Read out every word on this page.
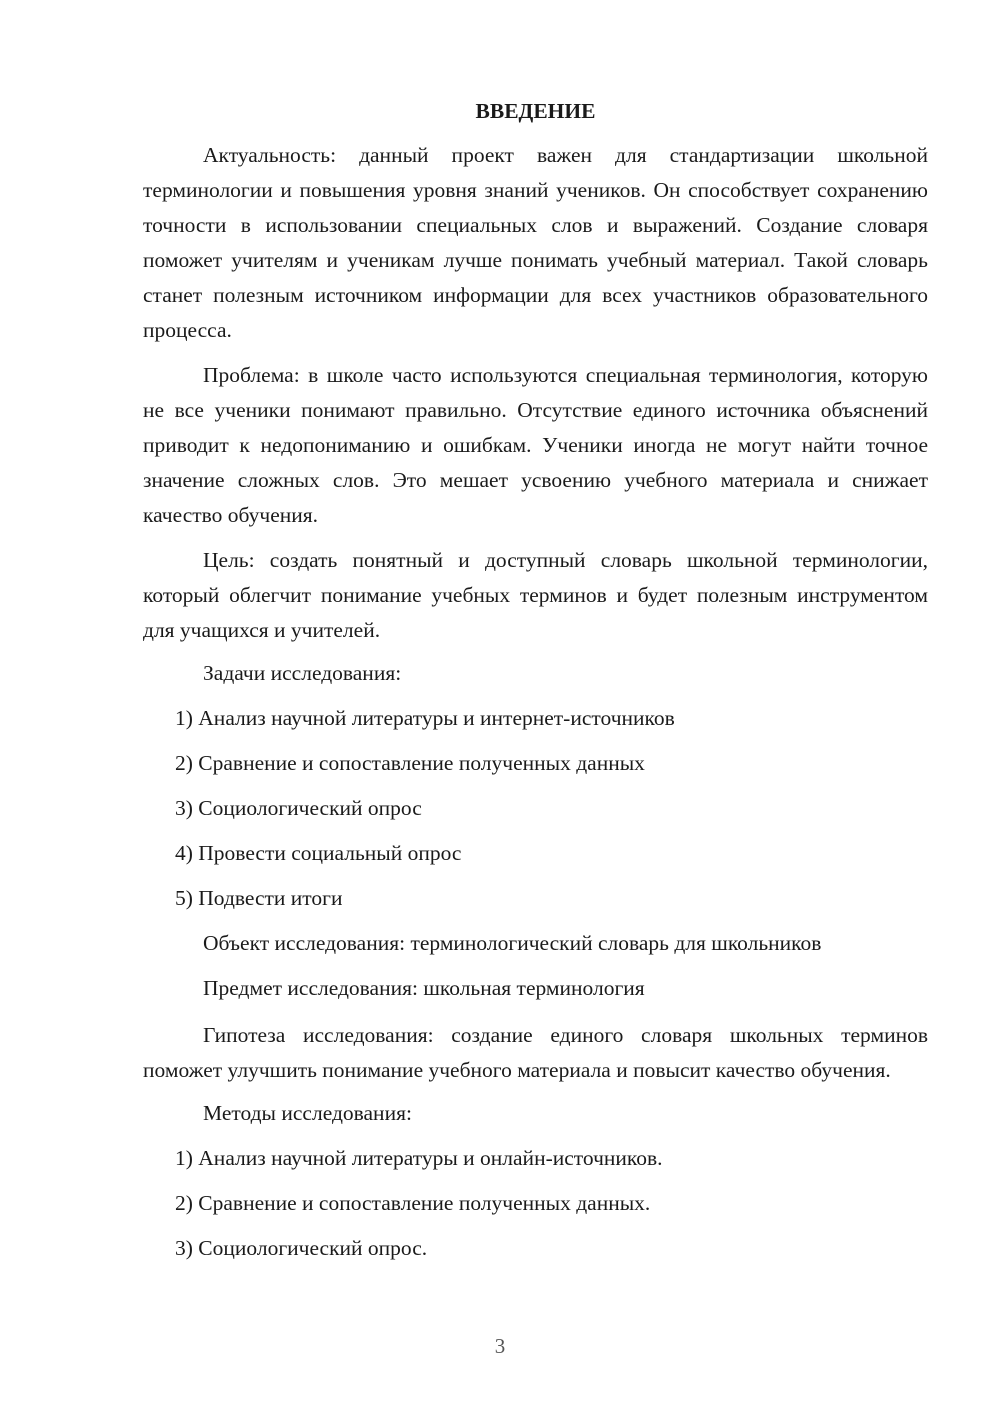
ВВЕДЕНИЕ

Актуальность: данный проект важен для стандартизации школьной терминологии и повышения уровня знаний учеников. Он способствует сохранению точности в использовании специальных слов и выражений. Создание словаря поможет учителям и ученикам лучше понимать учебный материал. Такой словарь станет полезным источником информации для всех участников образовательного процесса.

Проблема: в школе часто используются специальная терминология, которую не все ученики понимают правильно. Отсутствие единого источника объяснений приводит к недопониманию и ошибкам. Ученики иногда не могут найти точное значение сложных слов. Это мешает усвоению учебного материала и снижает качество обучения.

Цель: создать понятный и доступный словарь школьной терминологии, который облегчит понимание учебных терминов и будет полезным инструментом для учащихся и учителей.

Задачи исследования:
1) Анализ научной литературы и интернет-источников
2) Сравнение и сопоставление полученных данных
3) Социологический опрос
4) Провести социальный опрос
5) Подвести итоги
Объект исследования: терминологический словарь для школьников
Предмет исследования: школьная терминология

Гипотеза исследования: создание единого словаря школьных терминов поможет улучшить понимание учебного материала и повысит качество обучения.

Методы исследования:
1) Анализ научной литературы и онлайн-источников.
2) Сравнение и сопоставление полученных данных.
3) Социологический опрос.
3
